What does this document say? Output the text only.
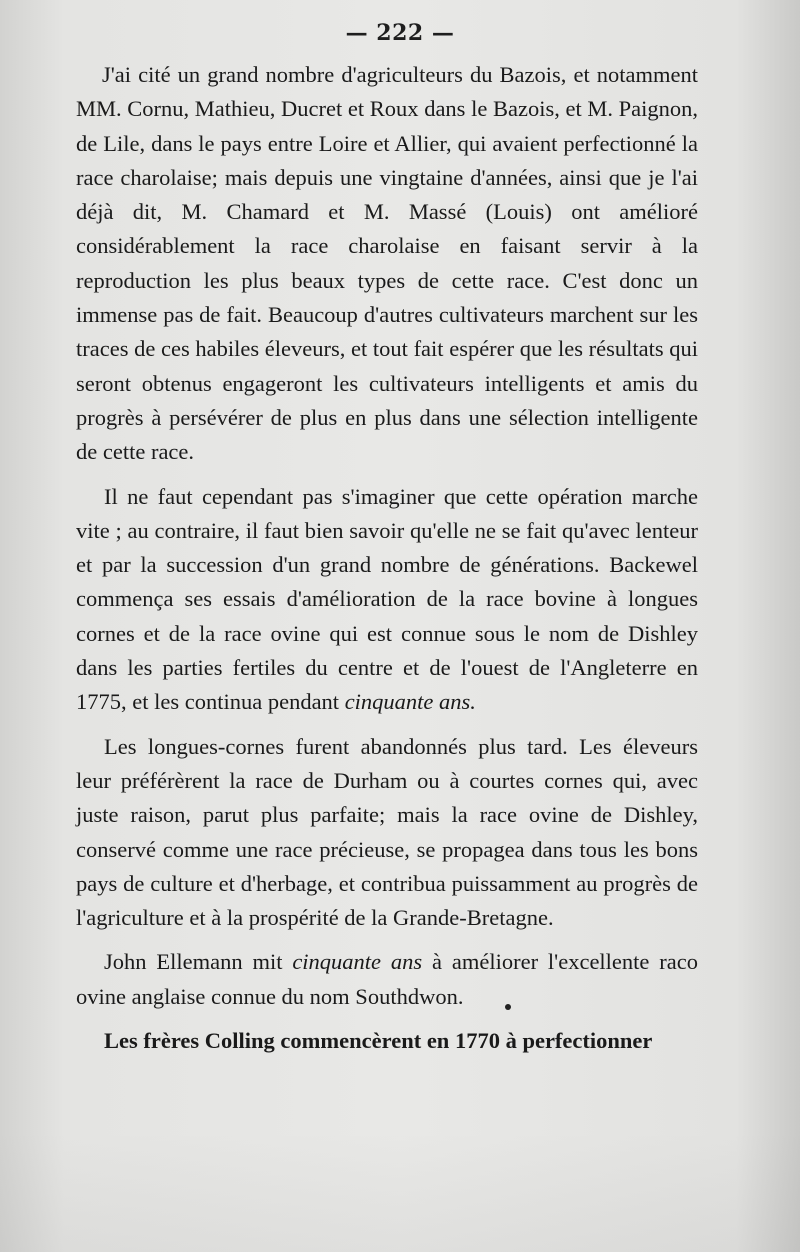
— 222 —

J'ai cité un grand nombre d'agriculteurs du Bazois, et notamment MM. Cornu, Mathieu, Ducret et Roux dans le Bazois, et M. Paignon, de Lile, dans le pays entre Loire et Allier, qui avaient perfectionné la race charolaise; mais depuis une vingtaine d'années, ainsi que je l'ai déjà dit, M. Chamard et M. Massé (Louis) ont amélioré considérablement la race charolaise en faisant servir à la reproduction les plus beaux types de cette race. C'est donc un immense pas de fait. Beaucoup d'autres cultivateurs marchent sur les traces de ces habiles éleveurs, et tout fait espérer que les résultats qui seront obtenus engageront les cultivateurs intelligents et amis du progrès à persévérer de plus en plus dans une sélection intelligente de cette race.

Il ne faut cependant pas s'imaginer que cette opération marche vite ; au contraire, il faut bien savoir qu'elle ne se fait qu'avec lenteur et par la succession d'un grand nombre de générations. Backewel commença ses essais d'amélioration de la race bovine à longues cornes et de la race ovine qui est connue sous le nom de Dishley dans les parties fertiles du centre et de l'ouest de l'Angleterre en 1775, et les continua pendant cinquante ans.

Les longues-cornes furent abandonnés plus tard. Les éleveurs leur préférèrent la race de Durham ou à courtes cornes qui, avec juste raison, parut plus parfaite; mais la race ovine de Dishley, conservé comme une race précieuse, se propagea dans tous les bons pays de culture et d'herbage, et contribua puissamment au progrès de l'agriculture et à la prospérité de la Grande-Bretagne.

John Ellemann mit cinquante ans à améliorer l'excellente raco ovine anglaise connue du nom Southdwon.

Les frères Colling commencèrent en 1770 à perfectionner
